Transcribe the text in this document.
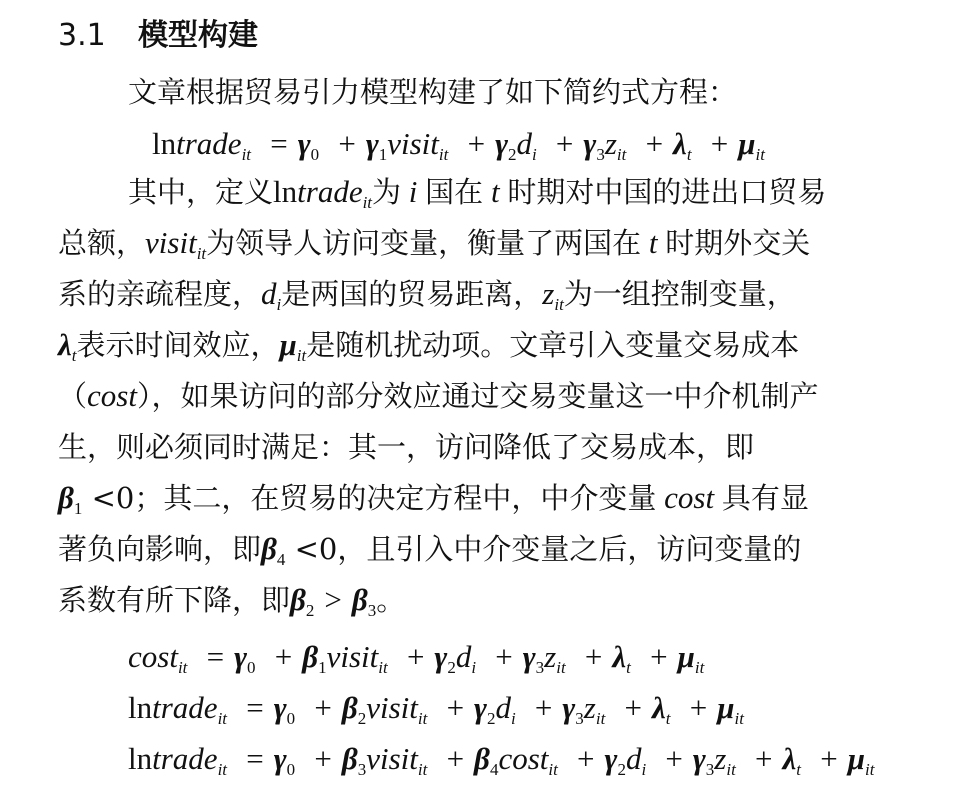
3.1 模型构建
文章根据贸易引力模型构建了如下简约式方程：
lntrade$_{it}$ = $\gamma_0$ + $\gamma_1visit_{it} + \gamma_2d_i + \gamma_3z_{it} + \lambda_t + \mu_{it}$
其中，定义lntrade$_{it}$为 i 国在 t 时期对中国的进出口贸易
总额，visit$_{it}$为领导人访问变量，衡量了两国在 t 时期外交关
系的亲疏程度，$d_i$是两国的贸易距离，$z_{it}$为一组控制变量，
$\lambda_t$表示时间效应，$\mu_{it}$是随机扰动项。文章引入变量交易成本
（cost），如果访问的部分效应通过交易变量这一中介机制产
生，则必须同时满足：其一，访问降低了交易成本，即
$\beta_1 <0$；其二，在贸易的决定方程中，中介变量 cost 具有显
著负向影响，即$\beta_4 <0$，且引入中介变量之后，访问变量的
系数有所下降，即$\beta_2 > \beta_3$。
$\cos t_{it} = \gamma_0$ + $\beta_1visit_{it} + \gamma_2d_i + \gamma_3z_{it} + \lambda_t + \mu_{it}$
lntrade$_{it}$ = $\gamma_0$ + $\beta_2visit_{it} + \gamma_2d_i + \gamma_3z_{it} + \lambda_t + \mu_{it}$
lntrade$_{it}$ = $\gamma_0$ + $\beta_3visit_{it} + \beta_4\cos t_{it} + \gamma_2d_i + \gamma_3z_{it} + \lambda_t + \mu_{it}$
